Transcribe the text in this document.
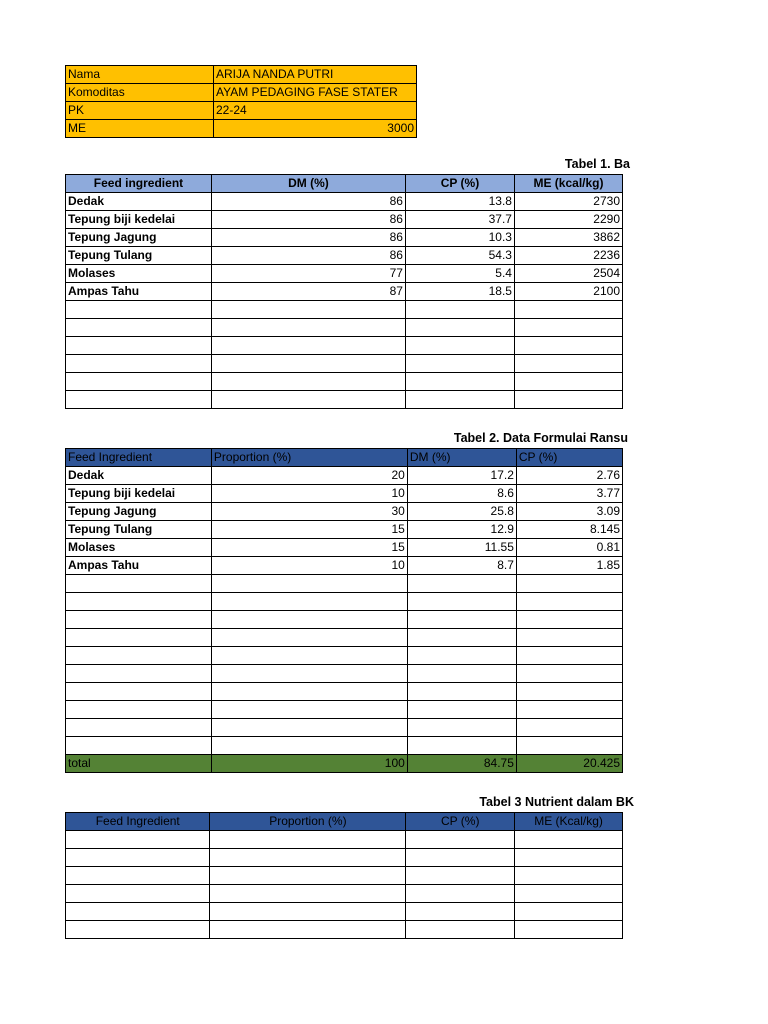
Nama	ARIJA NANDA PUTRI
Komoditas	AYAM PEDAGING FASE STATER
PK	22-24
ME	3000
Tabel 1. Ba
Feed ingredient	DM (%)	CP (%)	ME (kcal/kg)
Dedak	86	13.8	2730
Tepung biji kedelai	86	37.7	2290
Tepung Jagung	86	10.3	3862
Tepung Tulang	86	54.3	2236
Molases	77	5.4	2504
Ampas Tahu	87	18.5	2100

Tabel 2. Data Formulai Ransu
Feed Ingredient	Proportion (%)	DM (%)	CP (%)
Dedak	20	17.2	2.76
Tepung biji kedelai	10	8.6	3.77
Tepung Jagung	30	25.8	3.09
Tepung Tulang	15	12.9	8.145
Molases	15	11.55	0.81
Ampas Tahu	10	8.7	1.85

total	100	84.75	20.425
Tabel 3 Nutrient dalam BK
Feed Ingredient	Proportion (%)	CP (%)	ME (Kcal/kg)
